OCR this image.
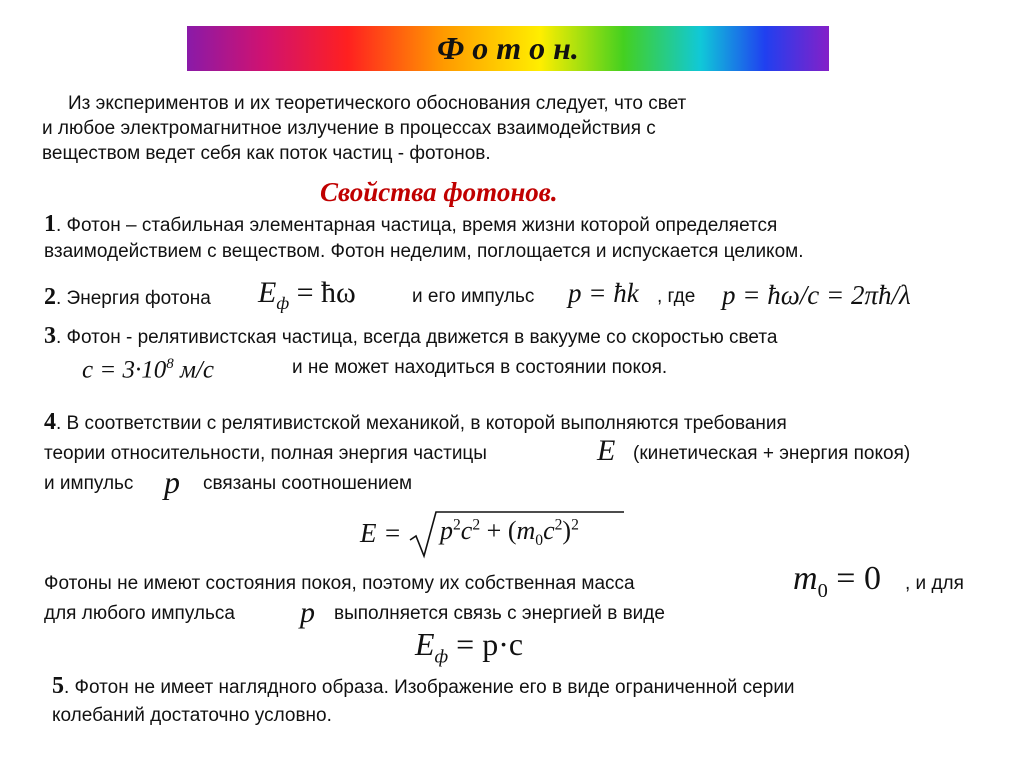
Ф о т о н.
Из экспериментов и их теоретического обоснования следует, что свет
и любое электромагнитное излучение в процессах взаимодействия с
веществом ведет себя как поток частиц - фотонов.
Свойства фотонов.
1. Фотон – стабильная элементарная частица, время жизни которой определяется
взаимодействием с веществом. Фотон неделим, поглощается и испускается целиком.
2. Энергия фотона $E_ф$ = ħω	и его импульс p = ħk , где p = ħω/c = 2πħ/λ
3. Фотон - релятивистская частица, всегда движется в вакууме со скоростью света
$c = 3\cdot 10^8$ м/с	и не может находиться в состоянии покоя.
4. В соответствии с релятивистской механикой, в которой выполняются требования
теории относительности, полная энергия частицы	E (кинетическая + энергия покоя)
и импульс p связаны соотношением
$E = p^2c^2 + (m_0c^2)^2$
Фотоны не имеют состояния покоя, поэтому их собственная масса	$m_0 = 0$ , и для
для любого импульса p выполняется связь с энергией в виде
$E_ф = p\cdot c$
5. Фотон не имеет наглядного образа. Изображение его в виде ограниченной серии
колебаний достаточно условно.
